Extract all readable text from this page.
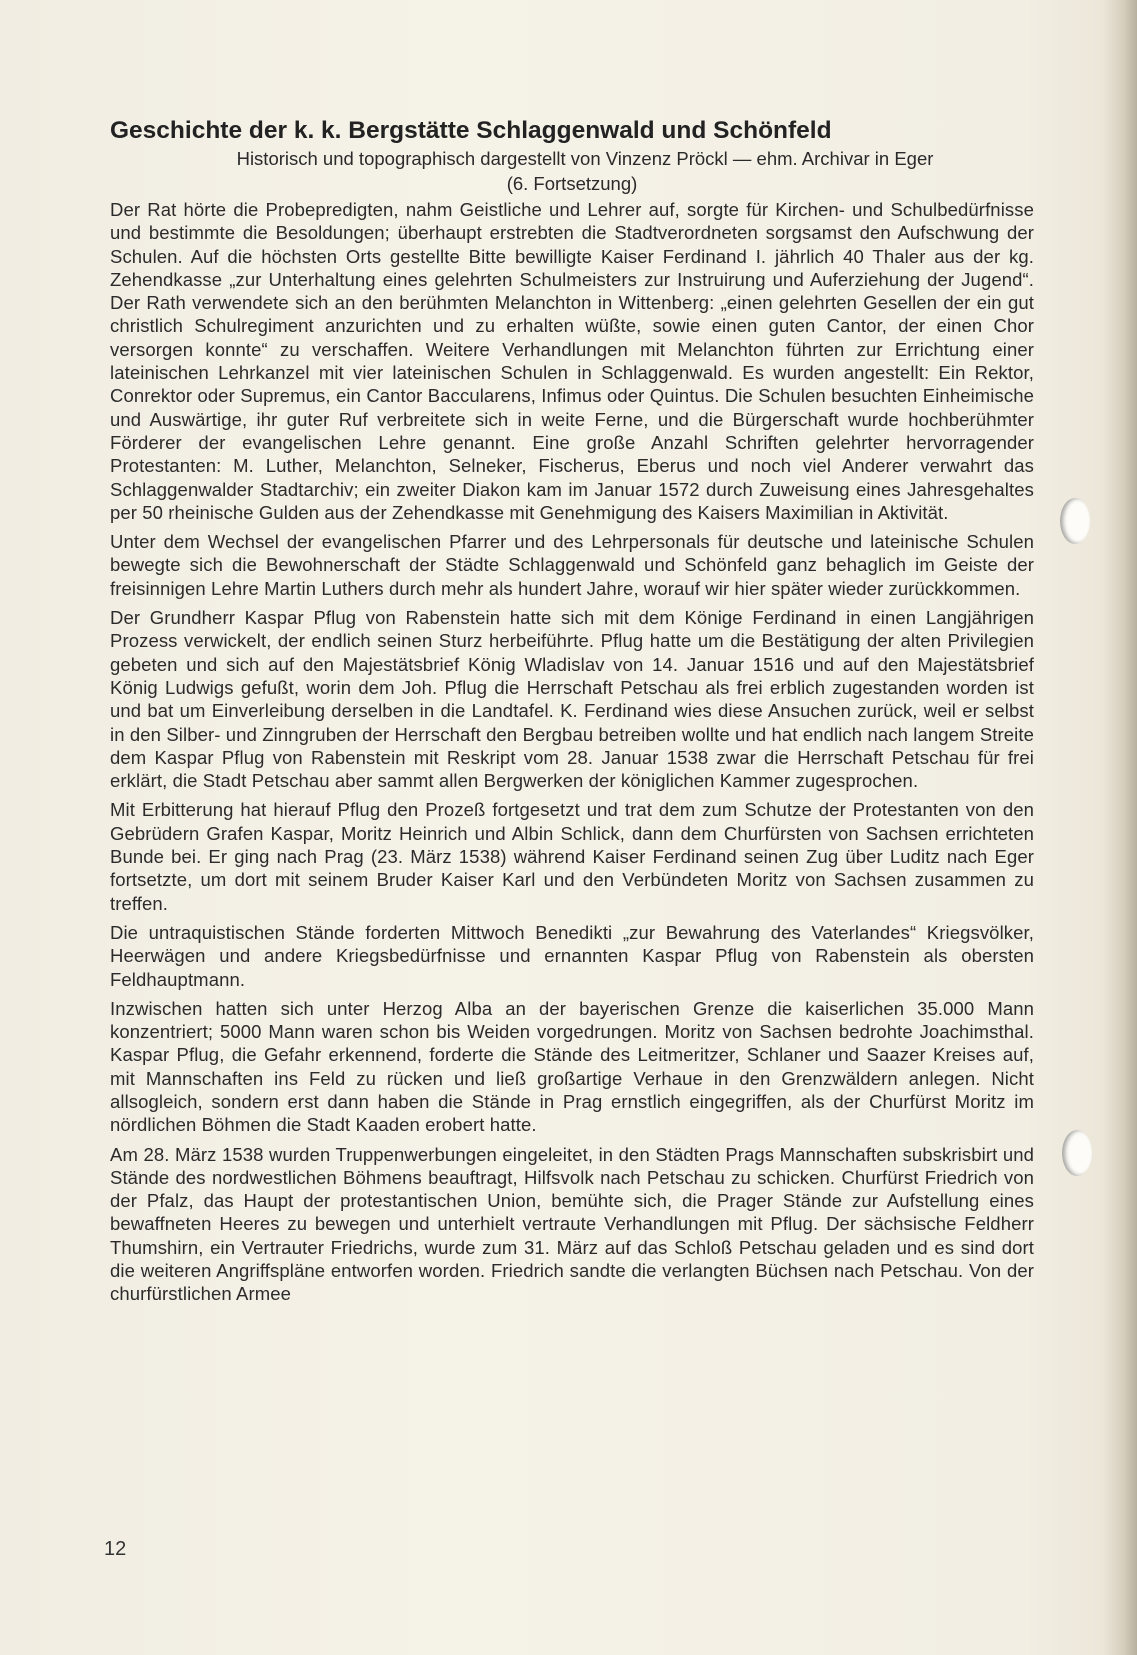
Geschichte der k. k. Bergstätte Schlaggenwald und Schönfeld

Historisch und topographisch dargestellt von Vinzenz Pröckl — ehm. Archivar in Eger

(6. Fortsetzung)

Der Rat hörte die Probepredigten, nahm Geistliche und Lehrer auf, sorgte für Kirchen- und Schulbedürfnisse und bestimmte die Besoldungen; überhaupt erstrebten die Stadtverordneten sorgsamst den Aufschwung der Schulen. Auf die höchsten Orts gestellte Bitte bewilligte Kaiser Ferdinand I. jährlich 40 Thaler aus der kg. Zehendkasse „zur Unterhaltung eines gelehrten Schulmeisters zur Instruirung und Auferziehung der Jugend“. Der Rath verwendete sich an den berühmten Melanchton in Wittenberg: „einen gelehrten Gesellen der ein gut christlich Schulregiment anzurichten und zu erhalten wüßte, sowie einen guten Cantor, der einen Chor versorgen konnte“ zu verschaffen. Weitere Verhandlungen mit Melanchton führten zur Errichtung einer lateinischen Lehrkanzel mit vier lateinischen Schulen in Schlaggenwald. Es wurden angestellt: Ein Rektor, Conrektor oder Supremus, ein Cantor Baccularens, Infimus oder Quintus. Die Schulen besuchten Einheimische und Auswärtige, ihr guter Ruf verbreitete sich in weite Ferne, und die Bürgerschaft wurde hochberühmter Förderer der evangelischen Lehre genannt. Eine große Anzahl Schriften gelehrter hervorragender Protestanten: M. Luther, Melanchton, Selneker, Fischerus, Eberus und noch viel Anderer verwahrt das Schlaggenwalder Stadtarchiv; ein zweiter Diakon kam im Januar 1572 durch Zuweisung eines Jahresgehaltes per 50 rheinische Gulden aus der Zehendkasse mit Genehmigung des Kaisers Maximilian in Aktivität.

Unter dem Wechsel der evangelischen Pfarrer und des Lehrpersonals für deutsche und lateinische Schulen bewegte sich die Bewohnerschaft der Städte Schlaggenwald und Schönfeld ganz behaglich im Geiste der freisinnigen Lehre Martin Luthers durch mehr als hundert Jahre, worauf wir hier später wieder zurückkommen.

Der Grundherr Kaspar Pflug von Rabenstein hatte sich mit dem Könige Ferdinand in einen Langjährigen Prozess verwickelt, der endlich seinen Sturz herbeiführte. Pflug hatte um die Bestätigung der alten Privilegien gebeten und sich auf den Majestätsbrief König Wladislav von 14. Januar 1516 und auf den Majestätsbrief König Ludwigs gefußt, worin dem Joh. Pflug die Herrschaft Petschau als frei erblich zugestanden worden ist und bat um Einverleibung derselben in die Landtafel. K. Ferdinand wies diese Ansuchen zurück, weil er selbst in den Silber- und Zinngruben der Herrschaft den Bergbau betreiben wollte und hat endlich nach langem Streite dem Kaspar Pflug von Rabenstein mit Reskript vom 28. Januar 1538 zwar die Herrschaft Petschau für frei erklärt, die Stadt Petschau aber sammt allen Bergwerken der königlichen Kammer zugesprochen.

Mit Erbitterung hat hierauf Pflug den Prozeß fortgesetzt und trat dem zum Schutze der Protestanten von den Gebrüdern Grafen Kaspar, Moritz Heinrich und Albin Schlick, dann dem Churfürsten von Sachsen errichteten Bunde bei. Er ging nach Prag (23. März 1538) während Kaiser Ferdinand seinen Zug über Luditz nach Eger fortsetzte, um dort mit seinem Bruder Kaiser Karl und den Verbündeten Moritz von Sachsen zusammen zu treffen.

Die untraquistischen Stände forderten Mittwoch Benedikti „zur Bewahrung des Vaterlandes“ Kriegsvölker, Heerwägen und andere Kriegsbedürfnisse und ernannten Kaspar Pflug von Rabenstein als obersten Feldhauptmann.

Inzwischen hatten sich unter Herzog Alba an der bayerischen Grenze die kaiserlichen 35.000 Mann konzentriert; 5000 Mann waren schon bis Weiden vorgedrungen. Moritz von Sachsen bedrohte Joachimsthal. Kaspar Pflug, die Gefahr erkennend, forderte die Stände des Leitmeritzer, Schlaner und Saazer Kreises auf, mit Mannschaften ins Feld zu rücken und ließ großartige Verhaue in den Grenzwäldern anlegen. Nicht allsogleich, sondern erst dann haben die Stände in Prag ernstlich eingegriffen, als der Churfürst Moritz im nördlichen Böhmen die Stadt Kaaden erobert hatte.

Am 28. März 1538 wurden Truppenwerbungen eingeleitet, in den Städten Prags Mannschaften subskrisbirt und Stände des nordwestlichen Böhmens beauftragt, Hilfsvolk nach Petschau zu schicken. Churfürst Friedrich von der Pfalz, das Haupt der protestantischen Union, bemühte sich, die Prager Stände zur Aufstellung eines bewaffneten Heeres zu bewegen und unterhielt vertraute Verhandlungen mit Pflug. Der sächsische Feldherr Thumshirn, ein Vertrauter Friedrichs, wurde zum 31. März auf das Schloß Petschau geladen und es sind dort die weiteren Angriffspläne entworfen worden. Friedrich sandte die verlangten Büchsen nach Petschau. Von der churfürstlichen Armee

12
